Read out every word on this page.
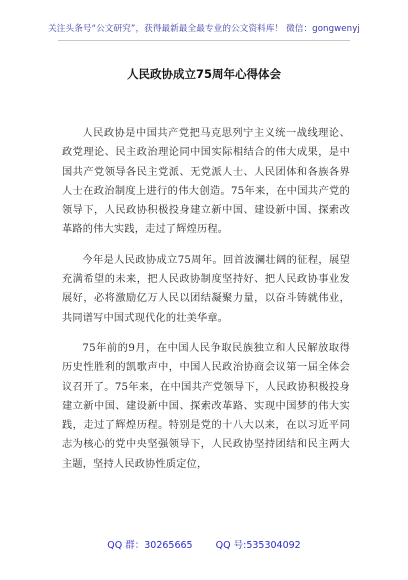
关注头条号“公文研究”，获得最新最全最专业的公文资料库！ 微信：gongwenyj
人民政协成立75周年心得体会

人民政协是中国共产党把马克思列宁主义统一战线理论、政党理论、民主政治理论同中国实际相结合的伟大成果，是中国共产党领导各民主党派、无党派人士、人民团体和各族各界人士在政治制度上进行的伟大创造。75年来，在中国共产党的领导下，人民政协积极投身建立新中国、建设新中国、探索改革路的伟大实践，走过了辉煌历程。

今年是人民政协成立75周年。回首波澜壮阔的征程，展望充满希望的未来，把人民政协制度坚持好、把人民政协事业发展好，必将激励亿万人民以团结凝聚力量，以奋斗铸就伟业，共同谱写中国式现代化的壮美华章。

75年前的9月，在中国人民争取民族独立和人民解放取得历史性胜利的凯歌声中，中国人民政治协商会议第一届全体会议召开了。75年来，在中国共产党领导下，人民政协积极投身建立新中国、建设新中国、探索改革路、实现中国梦的伟大实践，走过了辉煌历程。特别是党的十八大以来，在以习近平同志为核心的党中央坚强领导下，人民政协坚持团结和民主两大主题，坚持人民政协性质定位，

QQ 群：30265665 QQ 号:535304092
